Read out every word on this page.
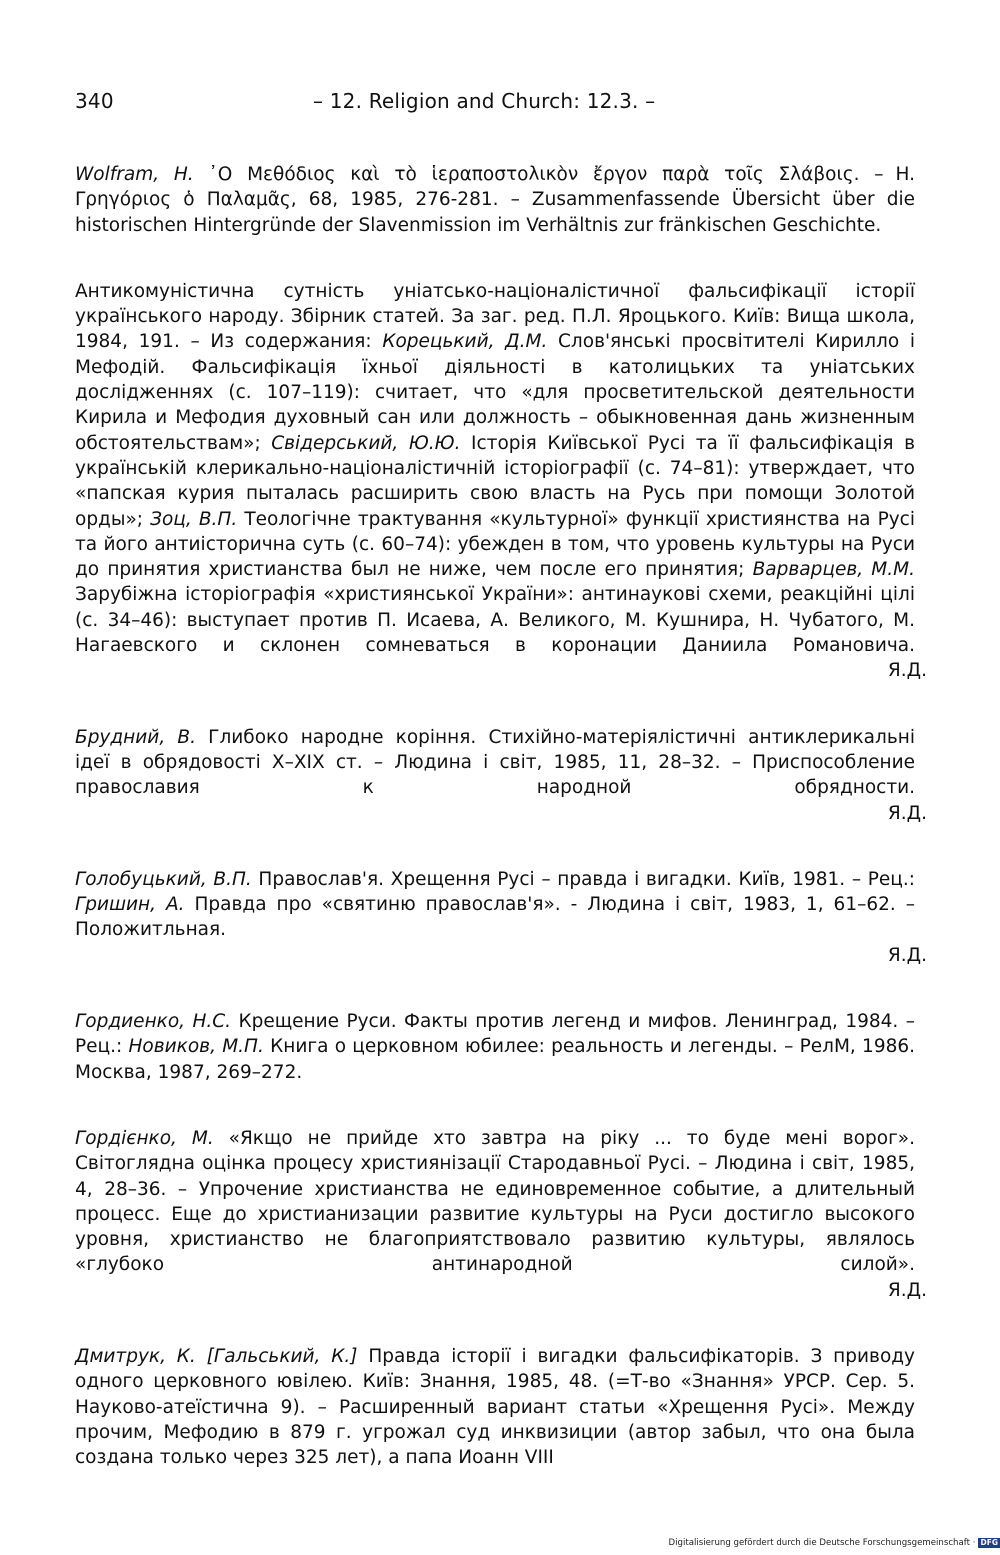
340	– 12. Religion and Church: 12.3. –

H.
Wolfram, H. ᾿Ο Μεθόδιος καὶ τὸ ἱεραποστολικὸν ἔργον παρὰ τοῖς Σλάβοις. – Γρηγόριος ὁ Παλαμᾶς, 68, 1985, 276-281. – Zusammenfassende Übersicht über die historischen Hintergründe der Slavenmission im Verhältnis zur fränkischen Geschichte.

Антикомуністична сутність уніатсько-націоналістичної фальсифікації історії українського народу. Збірник статей. За заг. ред. П.Л. Яроцького. Київ: Вища школа, 1984, 191. – Из содержания: Корецький, Д.М. Слов'янські просвітителі Кирилло і Мефодій. Фальсифікація їхньої діяльності в католицьких та уніатських дослідженнях (с. 107–119): считает, что «для просветительской деятельности Кирила и Мефодия духовный сан или должность – обыкновенная дань жизненным обстоятельствам»; Свідерський, Ю.Ю. Історія Київської Русі та її фальсифікація в українській клерикально-націоналістичній історіографії (с. 74–81): утверждает, что «папская курия пыталась расширить свою власть на Русь при помощи Золотой орды»; Зоц, В.П. Теологічне трактування «культурної» функції християнства на Русі та його антиісторична суть (с. 60–74): убежден в том, что уровень культуры на Руси до принятия христианства был не ниже, чем после его принятия; Варварцев, М.М. Зарубіжна історіографія «християнської України»: антинаукові схеми, реакційні цілі (с. 34–46): выступает против П. Исаева, А. Великого, М. Кушнира, Н. Чубатого, М. Нагаевского и склонен сомневаться в коронации Даниила Романовича. Я.Д.

Брудний, В. Глибоко народне коріння. Стихійно-матеріялістичні антиклерикальні ідеї в обрядовості X–XIX ст. – Людина і світ, 1985, 11, 28–32. – Приспособление православия к народной обрядности. Я.Д.

Голобуцький, В.П. Православ'я. Хрещення Русі – правда і вигадки. Київ, 1981. – Рец.: Гришин, А. Правда про «святиню православ'я». - Людина і світ, 1983, 1, 61–62. – Положитльная. Я.Д.

Гордиенко, Н.С. Крещение Руси. Факты против легенд и мифов. Ленинград, 1984. – Рец.: Новиков, М.П. Книга о церковном юбилее: реальность и легенды. – РелМ, 1986. Москва, 1987, 269–272.

Гордієнко, М. «Якщо не прийде хто завтра на ріку ... то буде мені ворог». Світоглядна оцінка процесу християнізації Стародавньої Русі. – Людина і світ, 1985, 4, 28–36. – Упрочение христианства не единовременное событие, а длительный процесс. Еще до христианизации развитие культуры на Руси достигло высокого уровня, христианство не благоприятствовало развитию культуры, являлось «глубоко антинародной силой». Я.Д.

Дмитрук, К. [Гальський, К.] Правда історії і вигадки фальсифікаторів. З приводу одного церковного ювілею. Київ: Знання, 1985, 48. (=Т-во «Знання» УРСР. Сер. 5. Науково-атеїстична 9). – Расширенный вариант статьи «Хрещення Русі». Между прочим, Мефодию в 879 г. угрожал суд инквизиции (автор забыл, что она была создана только через 325 лет), а папа Иоанн VIII

Digitalisierung gefördert durch die Deutsche Forschungsgemeinschaft · DFG
